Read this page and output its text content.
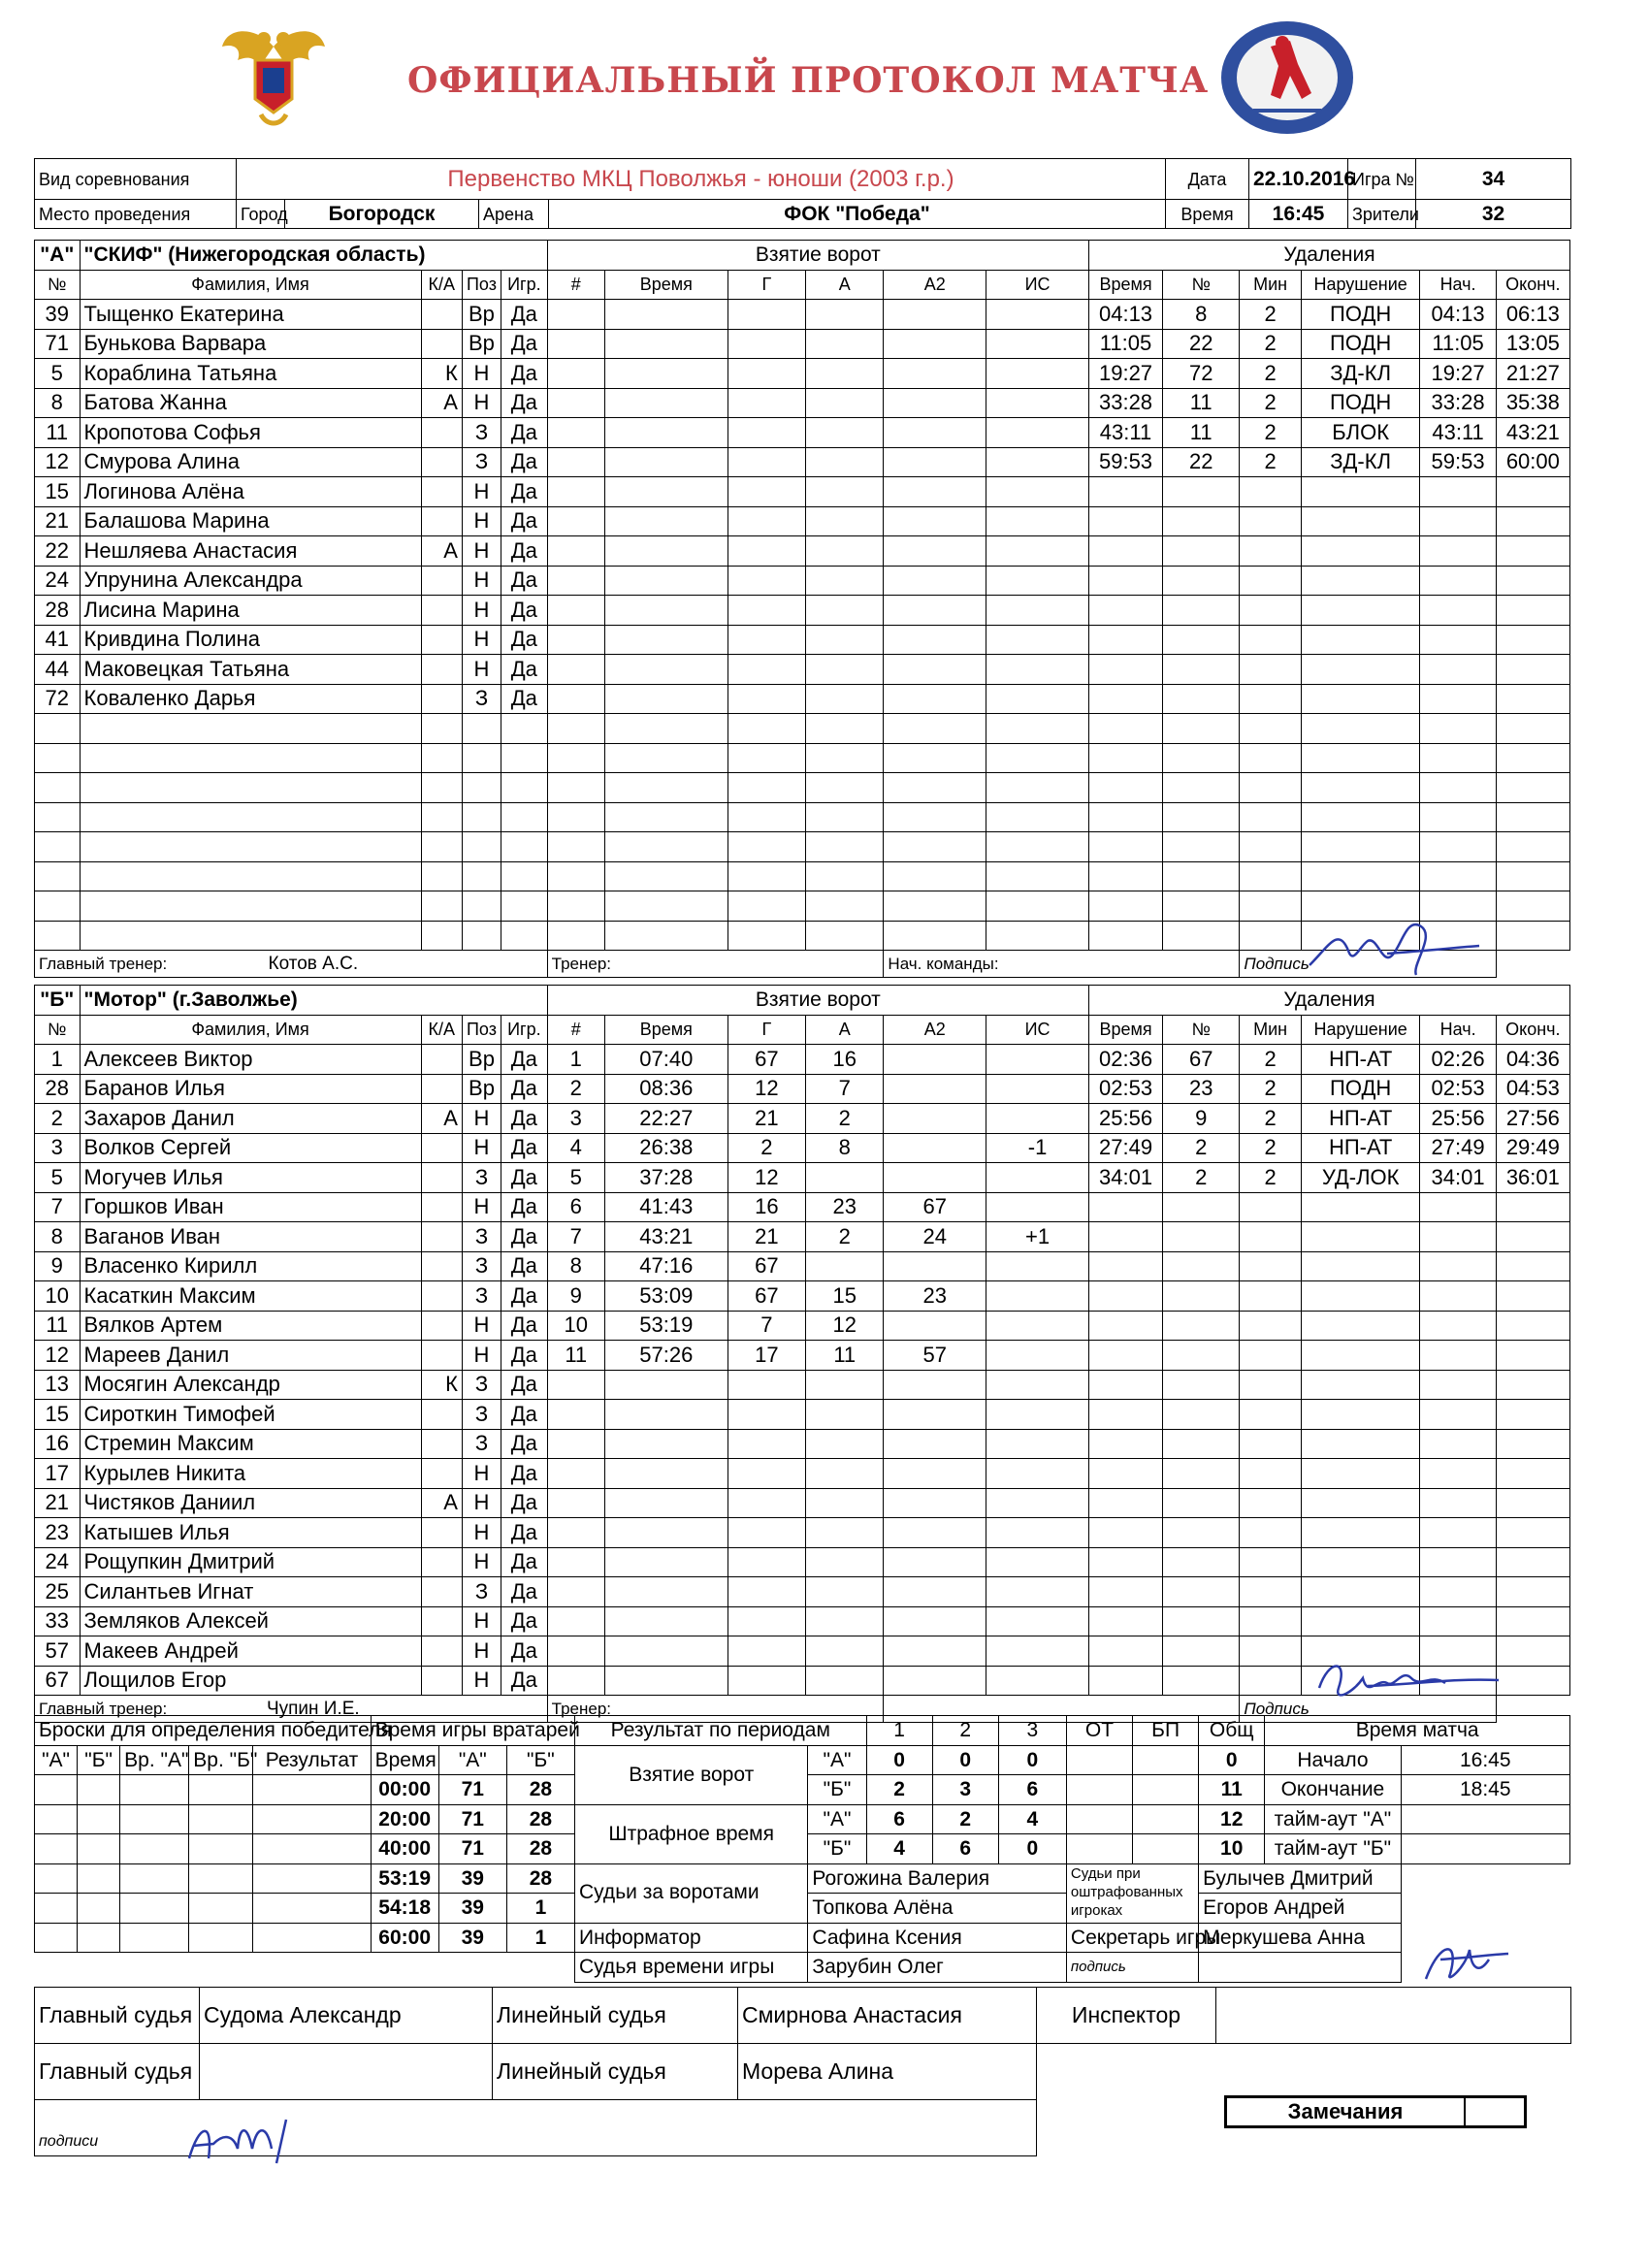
ОФИЦИАЛЬНЫЙ ПРОТОКОЛ МАТЧА
Вид соревнования	Первенство МКЦ Поволжья - юноши (2003 г.р.)				Дата	22.10.2016	Игра №	34
Место проведения	Город	Богородск	Арена	ФОК "Победа"	Время	16:45	Зрители	32
"А"	"СКИФ" (Нижегородская область)				Взятие ворот						Удаления					
№	Фамилия, Имя	К/А	Поз	Игр.	#	Время	Г	А	А2	ИС	Время	№	Мин	Нарушение	Нач.	Оконч.
39	Тыщенко Екатерина		Вр	Да							04:13	8	2	ПОДН	04:13	06:13
71	Бунькова Варвара		Вр	Да							11:05	22	2	ПОДН	11:05	13:05
5	Кораблина Татьяна	К	Н	Да							19:27	72	2	ЗД-КЛ	19:27	21:27
8	Батова Жанна	А	Н	Да							33:28	11	2	ПОДН	33:28	35:38
11	Кропотова Софья		З	Да							43:11	11	2	БЛОК	43:11	43:21
12	Смурова Алина		З	Да							59:53	22	2	ЗД-КЛ	59:53	60:00
15	Логинова Алёна		Н	Да												
21	Балашова Марина		Н	Да												
22	Нешляева Анастасия	А	Н	Да												
24	Упрунина Александра		Н	Да												
28	Лисина Марина		Н	Да												
41	Кривдина Полина		Н	Да												
44	Маковецкая Татьяна		Н	Да												
72	Коваленко Дарья		З	Да												

Главный тренер:	Котов А.С.				Тренер:				Нач. команды:				Подпись			
"Б"	"Мотор" (г.Заволжье)				Взятие ворот						Удаления					
№	Фамилия, Имя	К/А	Поз	Игр.	#	Время	Г	А	А2	ИС	Время	№	Мин	Нарушение	Нач.	Оконч.
1	Алексеев Виктор		Вр	Да	1	07:40	67	16			02:36	67	2	НП-АТ	02:26	04:36
28	Баранов Илья		Вр	Да	2	08:36	12	7			02:53	23	2	ПОДН	02:53	04:53
2	Захаров Данил	А	Н	Да	3	22:27	21	2			25:56	9	2	НП-АТ	25:56	27:56
3	Волков Сергей		Н	Да	4	26:38	2	8		-1	27:49	2	2	НП-АТ	27:49	29:49
5	Могучев Илья		З	Да	5	37:28	12				34:01	2	2	УД-ЛОК	34:01	36:01
7	Горшков Иван		Н	Да	6	41:43	16	23	67							
8	Ваганов Иван		З	Да	7	43:21	21	2	24	+1						
9	Власенко Кирилл		З	Да	8	47:16	67									
10	Касаткин Максим		З	Да	9	53:09	67	15	23							
11	Вялков Артем		Н	Да	10	53:19	7	12								
12	Мареев Данил		Н	Да	11	57:26	17	11	57							
13	Мосягин Александр	К	З	Да												
15	Сироткин Тимофей		З	Да												
16	Стремин Максим		З	Да												
17	Курылев Никита		Н	Да												
21	Чистяков Даниил	А	Н	Да												
23	Катышев Илья		Н	Да												
24	Рощупкин Дмитрий		Н	Да												
25	Силантьев Игнат		З	Да												
33	Земляков Алексей		Н	Да												
57	Макеев Андрей		Н	Да												
67	Лощилов Егор		Н	Да												
Главный тренер:	Чупин И.Е.				Тренер:								Подпись			
Броски для определения победителя					Время игры вратарей			Результат по периодам		1	2	3	ОТ	БП	Общ	Время матча	
"А"	"Б"	Вр. "А"	Вр. "Б"	Результат	Время	"А"	"Б"	Взятие ворот	"А"	0	0	0			0	Начало	16:45
					00:00	71	28		"Б"	2	3	6			11	Окончание	18:45
					20:00	71	28	Штрафное время	"А"	6	2	4			12	тайм-аут "А"	
					40:00	71	28		"Б"	4	6	0			10	тайм-аут "Б"	
					53:19	39	28	Судьи за воротами	Рогожина Валерия				Судьи при оштрафованных игроках		Булычев Дмитрий		
					54:18	39	1		Топкова Алёна						Егоров Андрей		
					60:00	39	1	Информатор	Сафина Ксения				Секретарь игры		Меркушева Анна		
								Судья времени игры	Зарубин Олег				подпись				
Главный судья	Судома Александр	Линейный судья	Смирнова Анастасия	Инспектор	
Главный судья		Линейный судья	Морева Алина		
подписи					
Замечания
